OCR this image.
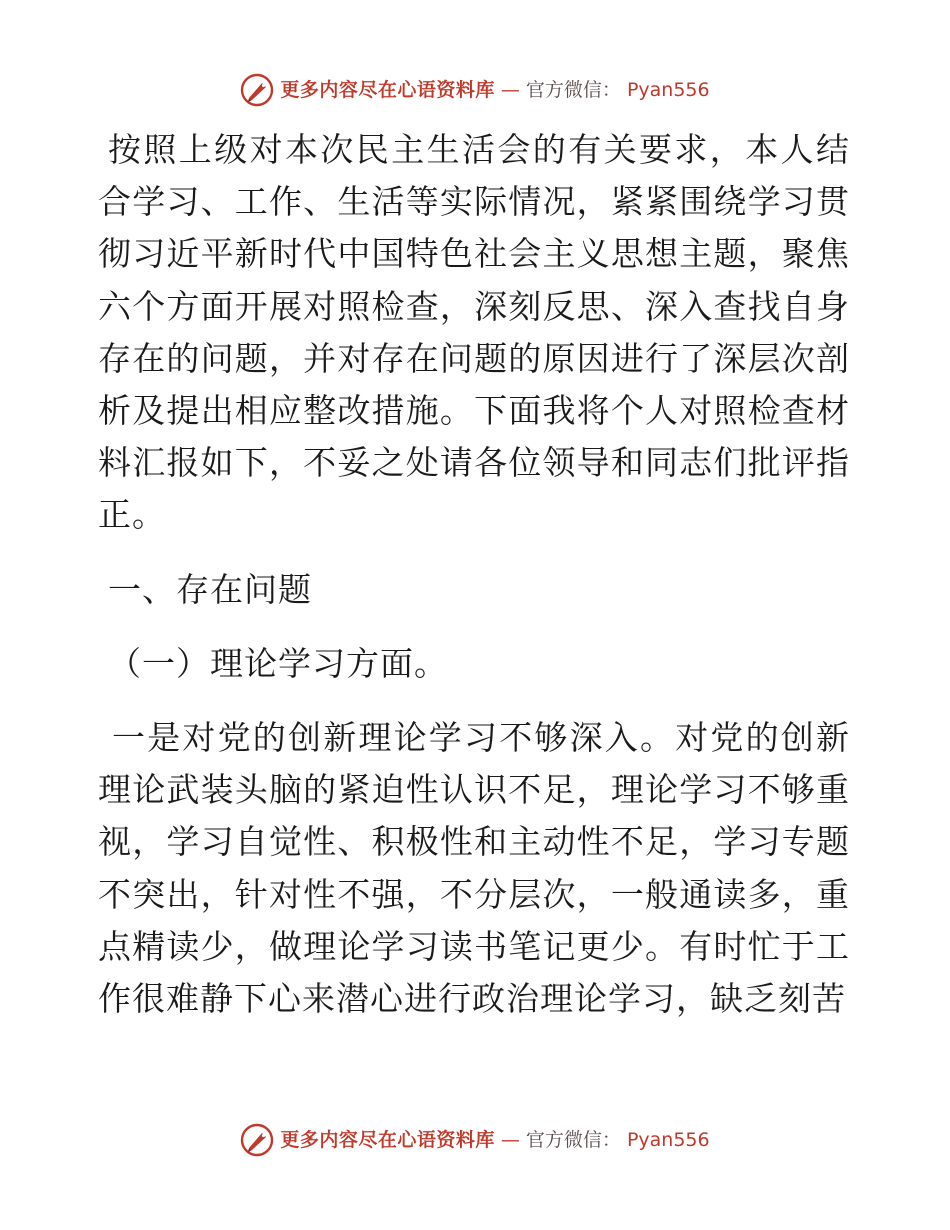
更多内容尽在心语资料库 — 官方微信： Pyan556

按照上级对本次民主生活会的有关要求，本人结合学习、工作、生活等实际情况，紧紧围绕学习贯彻习近平新时代中国特色社会主义思想主题，聚焦六个方面开展对照检查，深刻反思、深入查找自身存在的问题，并对存在问题的原因进行了深层次剖析及提出相应整改措施。下面我将个人对照检查材料汇报如下，不妥之处请各位领导和同志们批评指正。

一、存在问题

（一）理论学习方面。

一是对党的创新理论学习不够深入。对党的创新理论武装头脑的紧迫性认识不足，理论学习不够重视，学习自觉性、积极性和主动性不足，学习专题不突出，针对性不强，不分层次，一般通读多，重点精读少，做理论学习读书笔记更少。有时忙于工作很难静下心来潜心进行政治理论学习，缺乏刻苦

更多内容尽在心语资料库 — 官方微信： Pyan556
